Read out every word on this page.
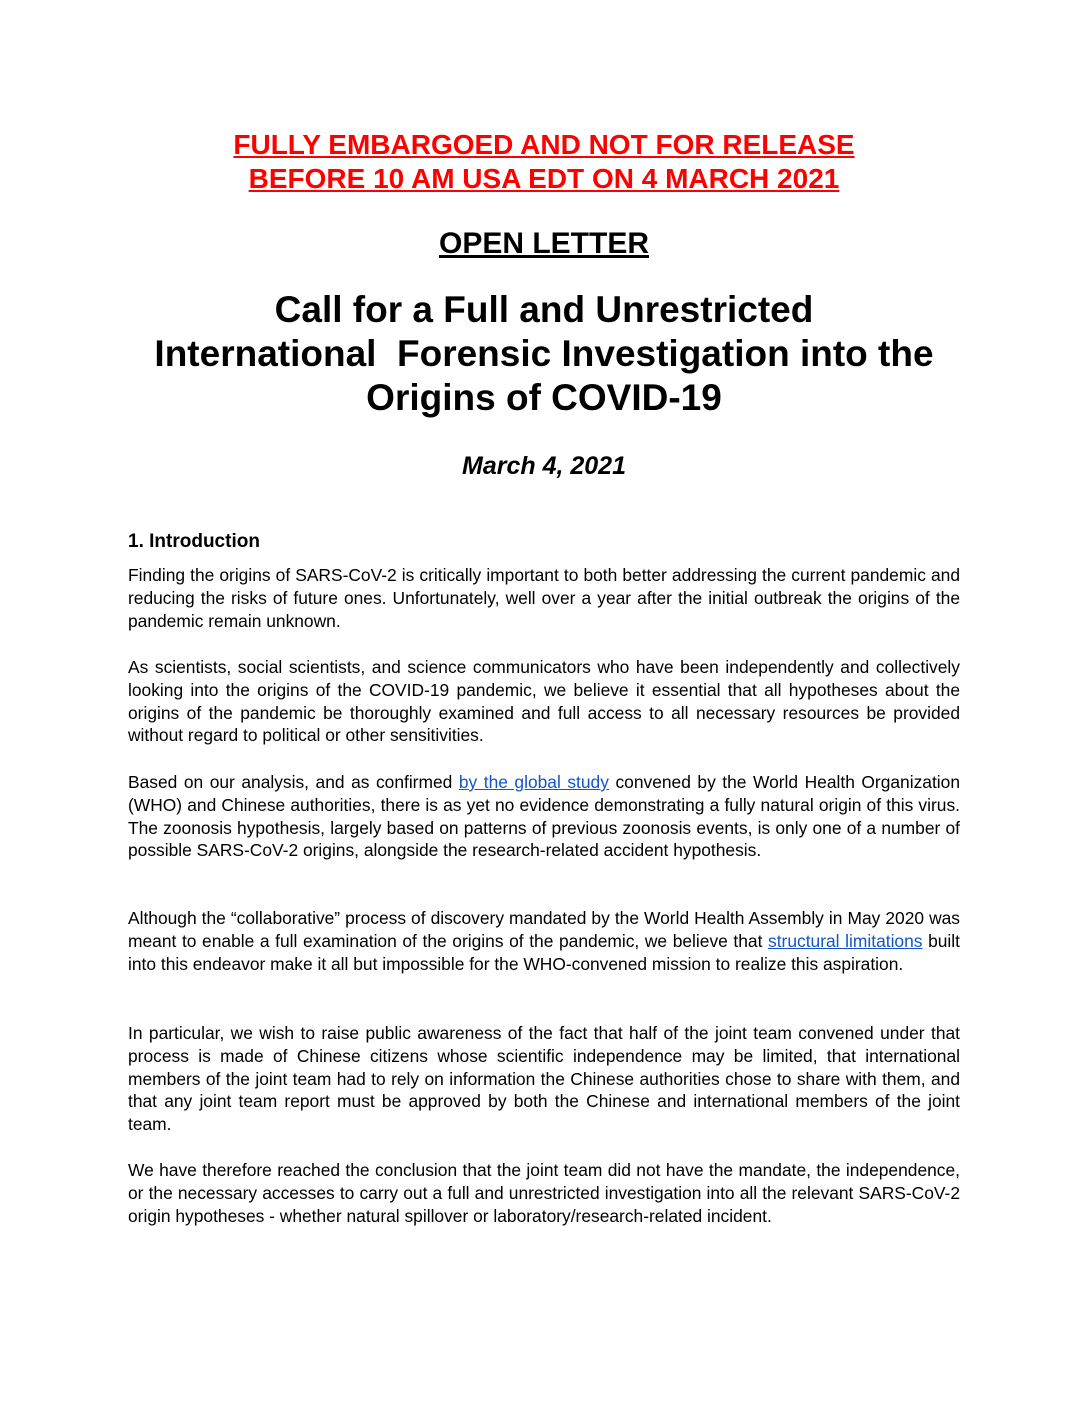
FULLY EMBARGOED AND NOT FOR RELEASE
BEFORE 10 AM USA EDT ON 4 MARCH 2021
OPEN LETTER
Call for a Full and Unrestricted
International  Forensic Investigation into the
Origins of COVID-19
March 4, 2021
1. Introduction

Finding the origins of SARS-CoV-2 is critically important to both better addressing the current pandemic and reducing the risks of future ones. Unfortunately, well over a year after the initial outbreak the origins of the pandemic remain unknown.

As scientists, social scientists, and science communicators who have been independently and collectively looking into the origins of the COVID-19 pandemic, we believe it essential that all hypotheses about the origins of the pandemic be thoroughly examined and full access to all necessary resources be provided without regard to political or other sensitivities.

Based on our analysis, and as confirmed by the global study convened by the World Health Organization (WHO) and Chinese authorities, there is as yet no evidence demonstrating a fully natural origin of this virus. The zoonosis hypothesis, largely based on patterns of previous zoonosis events, is only one of a number of possible SARS-CoV-2 origins, alongside the research-related accident hypothesis.

Although the “collaborative” process of discovery mandated by the World Health Assembly in May 2020 was meant to enable a full examination of the origins of the pandemic, we believe that structural limitations built into this endeavor make it all but impossible for the WHO-convened mission to realize this aspiration.

In particular, we wish to raise public awareness of the fact that half of the joint team convened under that process is made of Chinese citizens whose scientific independence may be limited, that international members of the joint team had to rely on information the Chinese authorities chose to share with them, and that any joint team report must be approved by both the Chinese and international members of the joint team.

We have therefore reached the conclusion that the joint team did not have the mandate, the independence, or the necessary accesses to carry out a full and unrestricted investigation into all the relevant SARS-CoV-2 origin hypotheses - whether natural spillover or laboratory/research-related incident.
